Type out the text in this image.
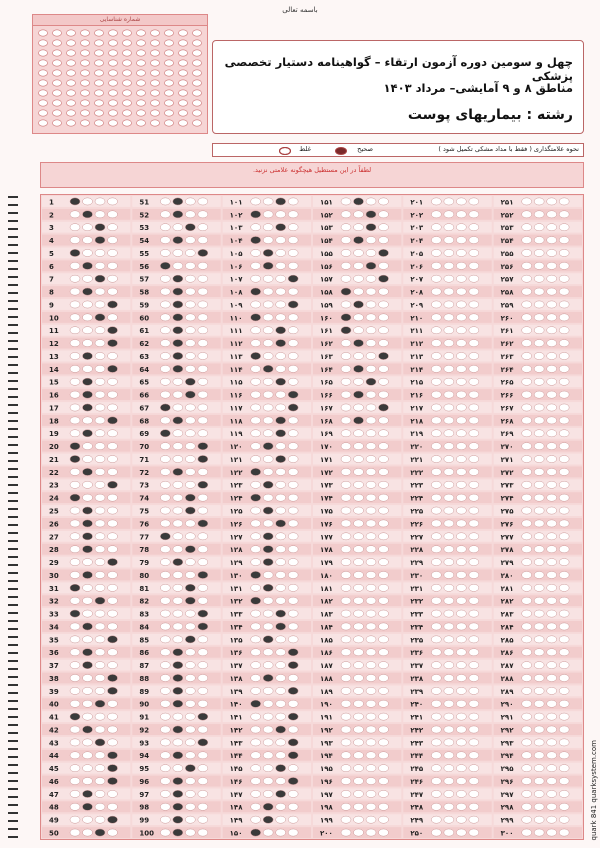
باسمه تعالی
شماره شناسایی
چهل و سومین دوره آزمون ارتقاء – گواهینامه دستیار تخصصی پزشکی
مناطق ۸ و ۹ آمایشی– مرداد ۱۴۰۳
رشته : بیماریهای پوست
نحوه علامتگذاری ( فقط با مداد مشکی تکمیل شود )
صحیح
غلط
لطفاً در این مستطیل هیچگونه علامتی نزنید.
1
2
3
4
5
6
7
8
9
10
11
12
13
14
15
16
17
18
19
20
21
22
23
24
25
26
27
28
29
30
31
32
33
34
35
36
37
38
39
40
41
42
43
44
45
46
47
48
49
50
51
52
53
54
55
56
57
58
59
60
61
62
63
64
65
66
67
68
69
70
71
72
73
74
75
76
77
78
79
80
81
82
83
84
85
86
87
88
89
90
91
92
93
94
95
96
97
98
99
100
۱۰۱
۱۰۲
۱۰۳
۱۰۴
۱۰۵
۱۰۶
۱۰۷
۱۰۸
۱۰۹
۱۱۰
۱۱۱
۱۱۲
۱۱۳
۱۱۴
۱۱۵
۱۱۶
۱۱۷
۱۱۸
۱۱۹
۱۲۰
۱۲۱
۱۲۲
۱۲۳
۱۲۴
۱۲۵
۱۲۶
۱۲۷
۱۲۸
۱۲۹
۱۳۰
۱۳۱
۱۳۲
۱۳۳
۱۳۴
۱۳۵
۱۳۶
۱۳۷
۱۳۸
۱۳۹
۱۴۰
۱۴۱
۱۴۲
۱۴۳
۱۴۴
۱۴۵
۱۴۶
۱۴۷
۱۴۸
۱۴۹
۱۵۰
۱۵۱
۱۵۲
۱۵۳
۱۵۴
۱۵۵
۱۵۶
۱۵۷
۱۵۸
۱۵۹
۱۶۰
۱۶۱
۱۶۲
۱۶۳
۱۶۴
۱۶۵
۱۶۶
۱۶۷
۱۶۸
۱۶۹
۱۷۰
۱۷۱
۱۷۲
۱۷۳
۱۷۴
۱۷۵
۱۷۶
۱۷۷
۱۷۸
۱۷۹
۱۸۰
۱۸۱
۱۸۲
۱۸۳
۱۸۴
۱۸۵
۱۸۶
۱۸۷
۱۸۸
۱۸۹
۱۹۰
۱۹۱
۱۹۲
۱۹۳
۱۹۴
۱۹۵
۱۹۶
۱۹۷
۱۹۸
۱۹۹
۲۰۰
۲۰۱
۲۰۲
۲۰۳
۲۰۴
۲۰۵
۲۰۶
۲۰۷
۲۰۸
۲۰۹
۲۱۰
۲۱۱
۲۱۲
۲۱۳
۲۱۴
۲۱۵
۲۱۶
۲۱۷
۲۱۸
۲۱۹
۲۲۰
۲۲۱
۲۲۲
۲۲۳
۲۲۴
۲۲۵
۲۲۶
۲۲۷
۲۲۸
۲۲۹
۲۳۰
۲۳۱
۲۳۲
۲۳۳
۲۳۴
۲۳۵
۲۳۶
۲۳۷
۲۳۸
۲۳۹
۲۴۰
۲۴۱
۲۴۲
۲۴۳
۲۴۴
۲۴۵
۲۴۶
۲۴۷
۲۴۸
۲۴۹
۲۵۰
۲۵۱
۲۵۲
۲۵۳
۲۵۴
۲۵۵
۲۵۶
۲۵۷
۲۵۸
۲۵۹
۲۶۰
۲۶۱
۲۶۲
۲۶۳
۲۶۴
۲۶۵
۲۶۶
۲۶۷
۲۶۸
۲۶۹
۲۷۰
۲۷۱
۲۷۲
۲۷۳
۲۷۴
۲۷۵
۲۷۶
۲۷۷
۲۷۸
۲۷۹
۲۸۰
۲۸۱
۲۸۲
۲۸۳
۲۸۴
۲۸۵
۲۸۶
۲۸۷
۲۸۸
۲۸۹
۲۹۰
۲۹۱
۲۹۲
۲۹۳
۲۹۴
۲۹۵
۲۹۶
۲۹۷
۲۹۸
۲۹۹
۳۰۰	quark 841 quarksystem.com
